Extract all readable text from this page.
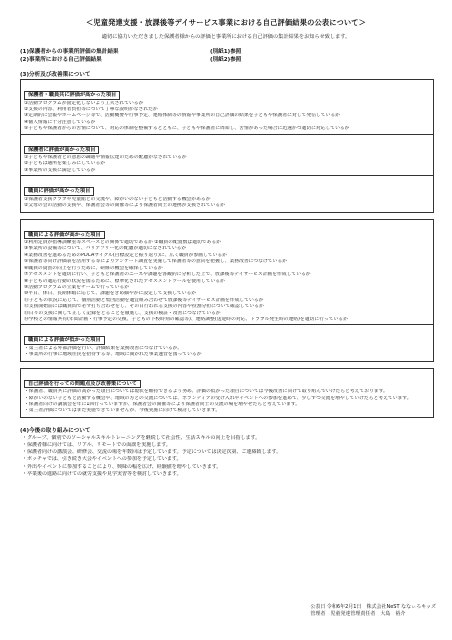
＜児童発達支援・放課後等デイサービス事業における自己評価結果の公表について＞
適切に協力いただきました保護者様からの評価と事業所における自己評価の集計結果をお知らせ致します。
(1)保護者からの事業所評価の集計結果	(別紙1)参照
(2)事業所における自己評価結果	(別紙2)参照
(3)分析及び改善策について
保護者・職員共に評価が高かった項目
①活動プログラムが固定化しないよう工夫されているか
②支援の内容、利用者負担等について丁寧な説明がなされたか
③定期的に会報やホームページ等で、活動概要や行事予定、連絡体制等の情報や事業所の自己評価の結果を子どもや保護者に対して発信しているか
④個人情報に十分注意しているか
⑤子どもや保護者からの苦情について、対応の体制を整備するとともに、子どもや保護者に周知し、苦情があった場合に迅速かつ適切に対応しているか
保護者に評価が高かった項目
①子どもや保護者との意思の疎通や情報伝達のための配慮がなされているか
②子どもは通所を楽しみにしているか
③事業所の支援に満足しているか
職員に評価が高かった項目
①保護者支援クラブや児童館との交流や、障がいのない子どもと活動する機会があるか
②父母の会の活動の支援や、保護者会等の開催等により保護者同士の連携が支援されているか
職員による評価が高かった項目
①利用定員が指導訓練室等スペースとの関係で適切であるか ②職員の配置数は適切であるか
③事業所の設備等について、バリアフリー化の配慮が適切になされているか
④業務改善を進めるためのPDCAサイクル(目標設定と振り返り)に、広く職員が参画しているか
⑤保護者等向け評価表を活用する等によりアンケート調査を実施して保護者等の意向を把握し、業務改善につなげているか
⑥職員の資質の向上を行うために、研修の機会を確保しているか
⑦アセスメントを適切に行い、子どもと保護者のニーズや課題を客観的に分析した上で、放課後等デイサービス計画を作成しているか
⑧子どもの適応行動の状況を図るために、標準化されたアセスメントツールを使用しているか
⑨活動プログラムの立案をチームで行っているか
⑩平日、休日、長期休暇に応じて、課題をきめ細やかに設定して支援しているか
⑪子どもの状況に応じて、個別活動と集団活動を適宜組み合わせて放課後等デイサービス計画を作成しているか
⑫支援開始前には職員間で必ず打ち合わせをし、その日行われる支援の内容や役割分担について確認しているか
⑬日々の支援に関して正しく記録をとることを徹底し、支援の検証・改善につなげているか
⑭学校との情報共有(年間計画・行事予定の交換、子どもの下校時刻の確認等)、連絡調整(送迎時の対応、トラブル発生時の連絡)を適切に行っているか
職員による評価が低かった項目
・第三者による外部評価を行い、評価結果を業務改善につなげているか。
・事業所の行事に地域住民を招待する等、地域に開かれた事業運営を図っているか
自己評価を行っての問題点及び改善策について
・保護者、職員共に評価の高かった項目については現状を維持できるよう努め、評価の低かった項目については今後改善に向けて取り組んでいけたらと考えております。
・障がいのない子どもと活動する機会や、地域の方との交流については、ボランティアの受け入れやイベントへの参加を進めて、少しずつ交流を増やしていけたらと考えています。
・保護者向けの講演会を年に1回行っていますが、保護者会の開催等により保護者同士の交流の場を増やせたらと考えています。
・第三者評価についてはまだ実施できていませんが、今後実施に向けて検討していきます。
(4)今後の取り組みについて
・グループ、個別でのソーシャルスキルトレーニングを継続して社会性、生活スキルの向上を目指します。
・保護者様に向けては、リアル、リモートでの面談を実施します。
・保護者向けの講演会、研修会、交流の場を年数回は予定しています。予定については決定次第、ご連絡致します。
・ボッチャでは、引き続き大会やイベントへの参加を予定しています。
・外出やイベントに参加することにより、興味の幅を広げ、経験値を増やしていきます。
・卒業後の進路に向けての就労支援や見学実習等を検討していきます。
公表日 令和6年2月1日　株式会社NeST ななぃろキッズ
管理者　児童発達管理責任者　大島　裕介
